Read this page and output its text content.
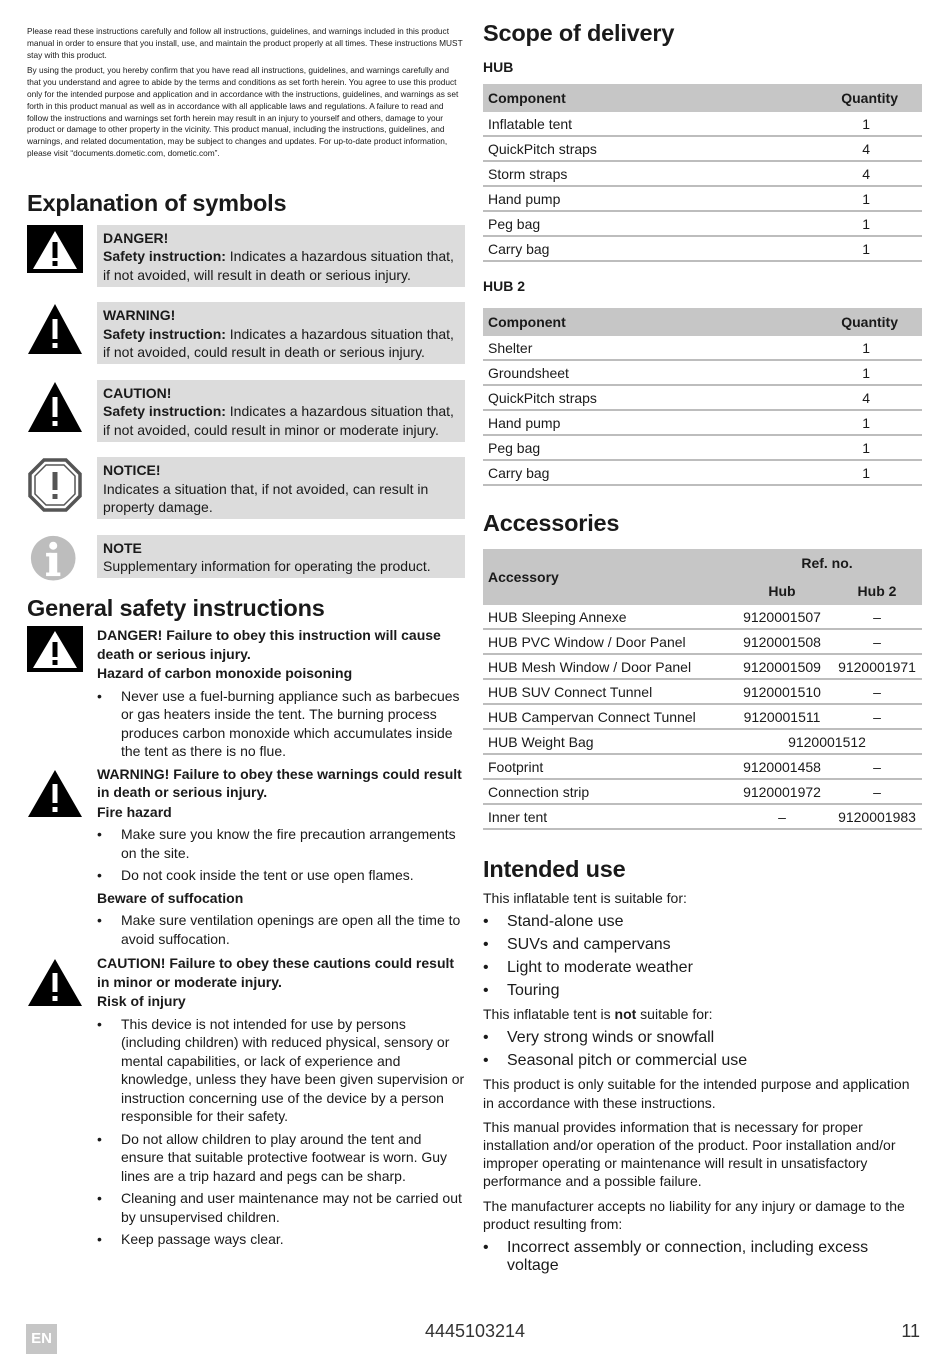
Please read these instructions carefully and follow all instructions, guidelines, and warnings included in this product manual in order to ensure that you install, use, and maintain the product properly at all times. These instructions MUST stay with this product.

By using the product, you hereby confirm that you have read all instructions, guidelines, and warnings carefully and that you understand and agree to abide by the terms and conditions as set forth herein. You agree to use this product only for the intended purpose and application and in accordance with the instructions, guidelines, and warnings as set forth in this product manual as well as in accordance with all applicable laws and regulations. A failure to read and follow the instructions and warnings set forth herein may result in an injury to yourself and others, damage to your product or damage to other property in the vicinity. This product manual, including the instructions, guidelines, and warnings, and related documentation, may be subject to changes and updates. For up-to-date product information, please visit “documents.dometic.com, dometic.com”.

Explanation of symbols
DANGER!
Safety instruction: Indicates a hazardous situation that, if not avoided, will result in death or serious injury.
WARNING!
Safety instruction: Indicates a hazardous situation that, if not avoided, could result in death or serious injury.
CAUTION!
Safety instruction: Indicates a hazardous situation that, if not avoided, could result in minor or moderate injury.
NOTICE!
Indicates a situation that, if not avoided, can result in property damage.
NOTE
Supplementary information for operating the product.
General safety instructions
DANGER! Failure to obey this instruction will cause death or serious injury.
Hazard of carbon monoxide poisoning
• Never use a fuel-burning appliance such as barbecues or gas heaters inside the tent. The burning process produces carbon monoxide which accumulates inside the tent as there is no flue.
WARNING! Failure to obey these warnings could result in death or serious injury.
Fire hazard
• Make sure you know the fire precaution arrangements on the site.
• Do not cook inside the tent or use open flames.
Beware of suffocation
• Make sure ventilation openings are open all the time to avoid suffocation.
CAUTION! Failure to obey these cautions could result in minor or moderate injury.
Risk of injury
• This device is not intended for use by persons (including children) with reduced physical, sensory or mental capabilities, or lack of experience and knowledge, unless they have been given supervision or instruction concerning use of the device by a person responsible for their safety.
• Do not allow children to play around the tent and ensure that suitable protective footwear is worn. Guy lines are a trip hazard and pegs can be sharp.
• Cleaning and user maintenance may not be carried out by unsupervised children.
• Keep passage ways clear.
Scope of delivery
HUB
Component	Quantity
Inflatable tent	1
QuickPitch straps	4
Storm straps	4
Hand pump	1
Peg bag	1
Carry bag	1
HUB 2
Component	Quantity
Shelter	1
Groundsheet	1
QuickPitch straps	4
Hand pump	1
Peg bag	1
Carry bag	1
Accessories
Accessory	Ref. no.	
	Hub	Hub 2
HUB Sleeping Annexe	9120001507	–
HUB PVC Window / Door Panel	9120001508	–
HUB Mesh Window / Door Panel	9120001509	9120001971
HUB SUV Connect Tunnel	9120001510	–
HUB Campervan Connect Tunnel	9120001511	–
HUB Weight Bag	9120001512	
Footprint	9120001458	–
Connection strip	9120001972	–
Inner tent	–	9120001983
Intended use

This inflatable tent is suitable for:

• Stand-alone use
• SUVs and campervans
• Light to moderate weather
• Touring

This inflatable tent is not suitable for:

• Very strong winds or snowfall
• Seasonal pitch or commercial use

This product is only suitable for the intended purpose and application in accordance with these instructions.

This manual provides information that is necessary for proper installation and/or operation of the product. Poor installation and/or improper operating or maintenance will result in unsatisfactory performance and a possible failure.

The manufacturer accepts no liability for any injury or damage to the product resulting from:

• Incorrect assembly or connection, including excess voltage
EN	4445103214	11
